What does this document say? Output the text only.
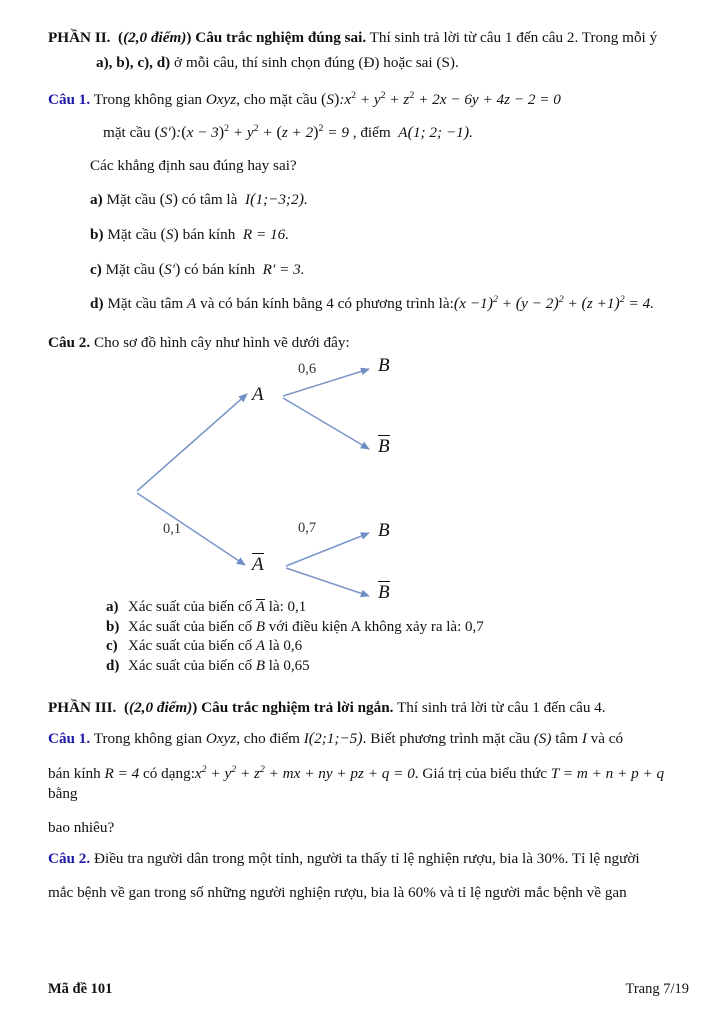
PHẦN II.  ((2,0 điểm)) Câu trắc nghiệm đúng sai. Thí sinh trả lời từ câu 1 đến câu 2. Trong mỗi ý
a), b), c), d) ở mỗi câu, thí sinh chọn đúng (Đ) hoặc sai (S).
Câu 1. Trong không gian Oxyz, cho mặt cầu $(S):x^2 + y^2 + z^2 + 2x - 6y + 4z - 2 = 0$
mặt cầu (S′):(x − $3)^2 + y^2 + (z + 2)^2 = 9$ , điểm  A(1; 2; −1).
Các khẳng định sau đúng hay sai?
a) Mặt cầu (S) có tâm là  I(1;−3;2).
b) Mặt cầu (S) bán kính  R = 16.
c) Mặt cầu (S′) có bán kính  R′ = 3.
d) Mặt cầu tâm A và có bán kính bằng 4 có phương trình là:(x $-1)^2 + (y - 2)^2 + (z +1)^2 = 4$.
Câu 2. Cho sơ đồ hình cây như hình vẽ dưới đây:
A
A
B
B
B
B
0,1
0,6
0,7
a) Xác suất của biến cố A là: 0,1
b) Xác suất của biến cố B với điều kiện A không xảy ra là: 0,7
c) Xác suất của biến cố A là 0,6
d) Xác suất của biến cố B là 0,65
PHẦN III.  ((2,0 điểm)) Câu trắc nghiệm trả lời ngắn. Thí sinh trả lời từ câu 1 đến câu 4.
Câu 1. Trong không gian Oxyz, cho điểm I(2;1;−5). Biết phương trình mặt cầu (S) tâm I và có
bán kính R = 4 có $dạng:x^2 + y^2 + z^2$ + mx + ny + pz + q = 0. Giá trị của biểu thức T = m + n + p + q bằng
bao nhiêu?
Câu 2. Điều tra người dân trong một tỉnh, người ta thấy tỉ lệ nghiện rượu, bia là 30%. Tỉ lệ người
mắc bệnh về gan trong số những người nghiện rượu, bia là 60% và tỉ lệ người mắc bệnh về gan
Mã đề 101	Trang 7/19
